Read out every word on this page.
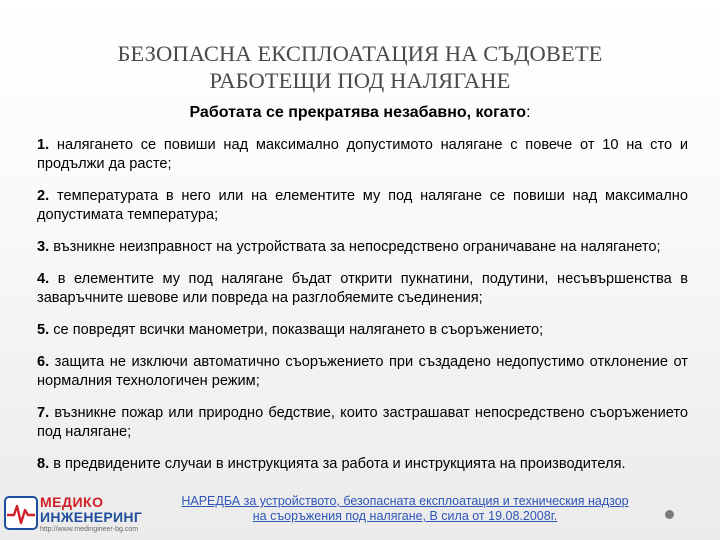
БЕЗОПАСНА ЕКСПЛОАТАЦИЯ НА СЪДОВЕТЕ
РАБОТЕЩИ ПОД НАЛЯГАНЕ
Работата се прекратява незабавно, когато:
1. налягането се повиши над максимално допустимото налягане с повече от 10 на сто и продължи да расте;
2. температурата в него или на елементите му под налягане се повиши над максимално допустимата температура;
3. възникне неизправност на устройствата за непосредствено ограничаване на налягането;
4. в елементите му под налягане бъдат открити пукнатини, подутини, несъвършенства в заваръчните шевове или повреда на разглобяемите съединения;
5. се повредят всички манометри, показващи налягането в съоръжението;
6. защита не изключи автоматично съоръжението при създадено недопустимо отклонение от нормалния технологичен режим;
7. възникне пожар или природно бедствие, които застрашават непосредствено съоръжението под налягане;
8. в предвидените случаи в инструкцията за работа и инструкцията на производителя.
МЕДИКО
ИНЖЕНЕРИНГ
http://www.medingineer-bg.com
НАРЕДБА за устройството, безопасната експлоатация и техническия надзор
на съоръжения под налягане, В сила от 19.08.2008г.
